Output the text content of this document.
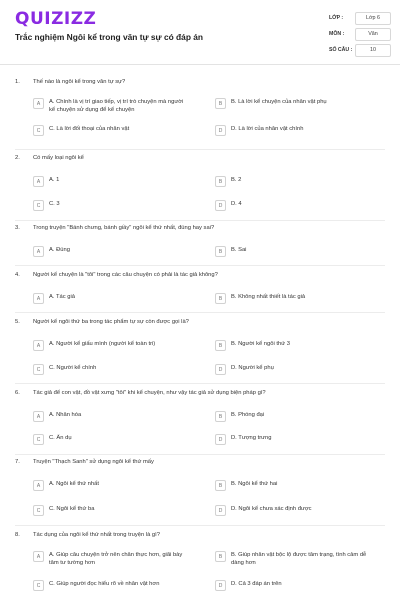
QUIZIZZ
Trắc nghiệm Ngôi kể trong văn tự sự có đáp án
LỚP :	Lớp 6
MÔN :	Văn
SỐ CÂU :	10
1. Thế nào là ngôi kể trong văn tự sự?
A	A. Chính là vị trí giao tiếp, vị trí trò chuyện mà người kể chuyện sử dụng để kể chuyện
B	B. Là lời kể chuyện của nhân vật phụ
C	C. Là lời đối thoại của nhân vật	D	D. Là lời của nhân vật chính
2. Có mấy loại ngôi kể
A	A. 1	B	B. 2
C	C. 3	D	D. 4
3. Trong truyện "Bánh chưng, bánh giầy" ngôi kể thứ nhất, đúng hay sai?
A	A. Đúng	B	B. Sai
4. Người kể chuyện là "tôi" trong các câu chuyện có phải là tác giả không?
A	A. Tác giả	B	B. Không nhất thiết là tác giả
5. Người kể ngôi thứ ba trong tác phẩm tự sự còn được gọi là?
A	A. Người kể giấu mình (người kể toàn tri)	B	B. Người kể ngôi thứ 3
C	C. Người kể chính	D	D. Người kể phụ
6. Tác giả để con vật, đồ vật xưng "tôi" khi kể chuyện, như vậy tác giả sử dụng biện pháp gì?
A	A. Nhân hóa	B	B. Phóng đại
C	C. Ẩn dụ	D	D. Tượng trưng
7. Truyện "Thạch Sanh" sử dụng ngôi kể thứ mấy
A	A. Ngôi kể thứ nhất	B	B. Ngôi kể thứ hai
C	C. Ngôi kể thứ ba	D	D. Ngôi kể chưa xác định được
8. Tác dụng của ngôi kể thứ nhất trong truyện là gì?
A	A. Giúp câu chuyện trở nên chân thực hơn, giãi bày tâm tư tường hơn
B	B. Giúp nhân vật bộc lộ được tâm trạng, tình cảm dễ dàng hơn
C	C. Giúp người đọc hiểu rõ về nhân vật hơn	D	D. Cả 3 đáp án trên
